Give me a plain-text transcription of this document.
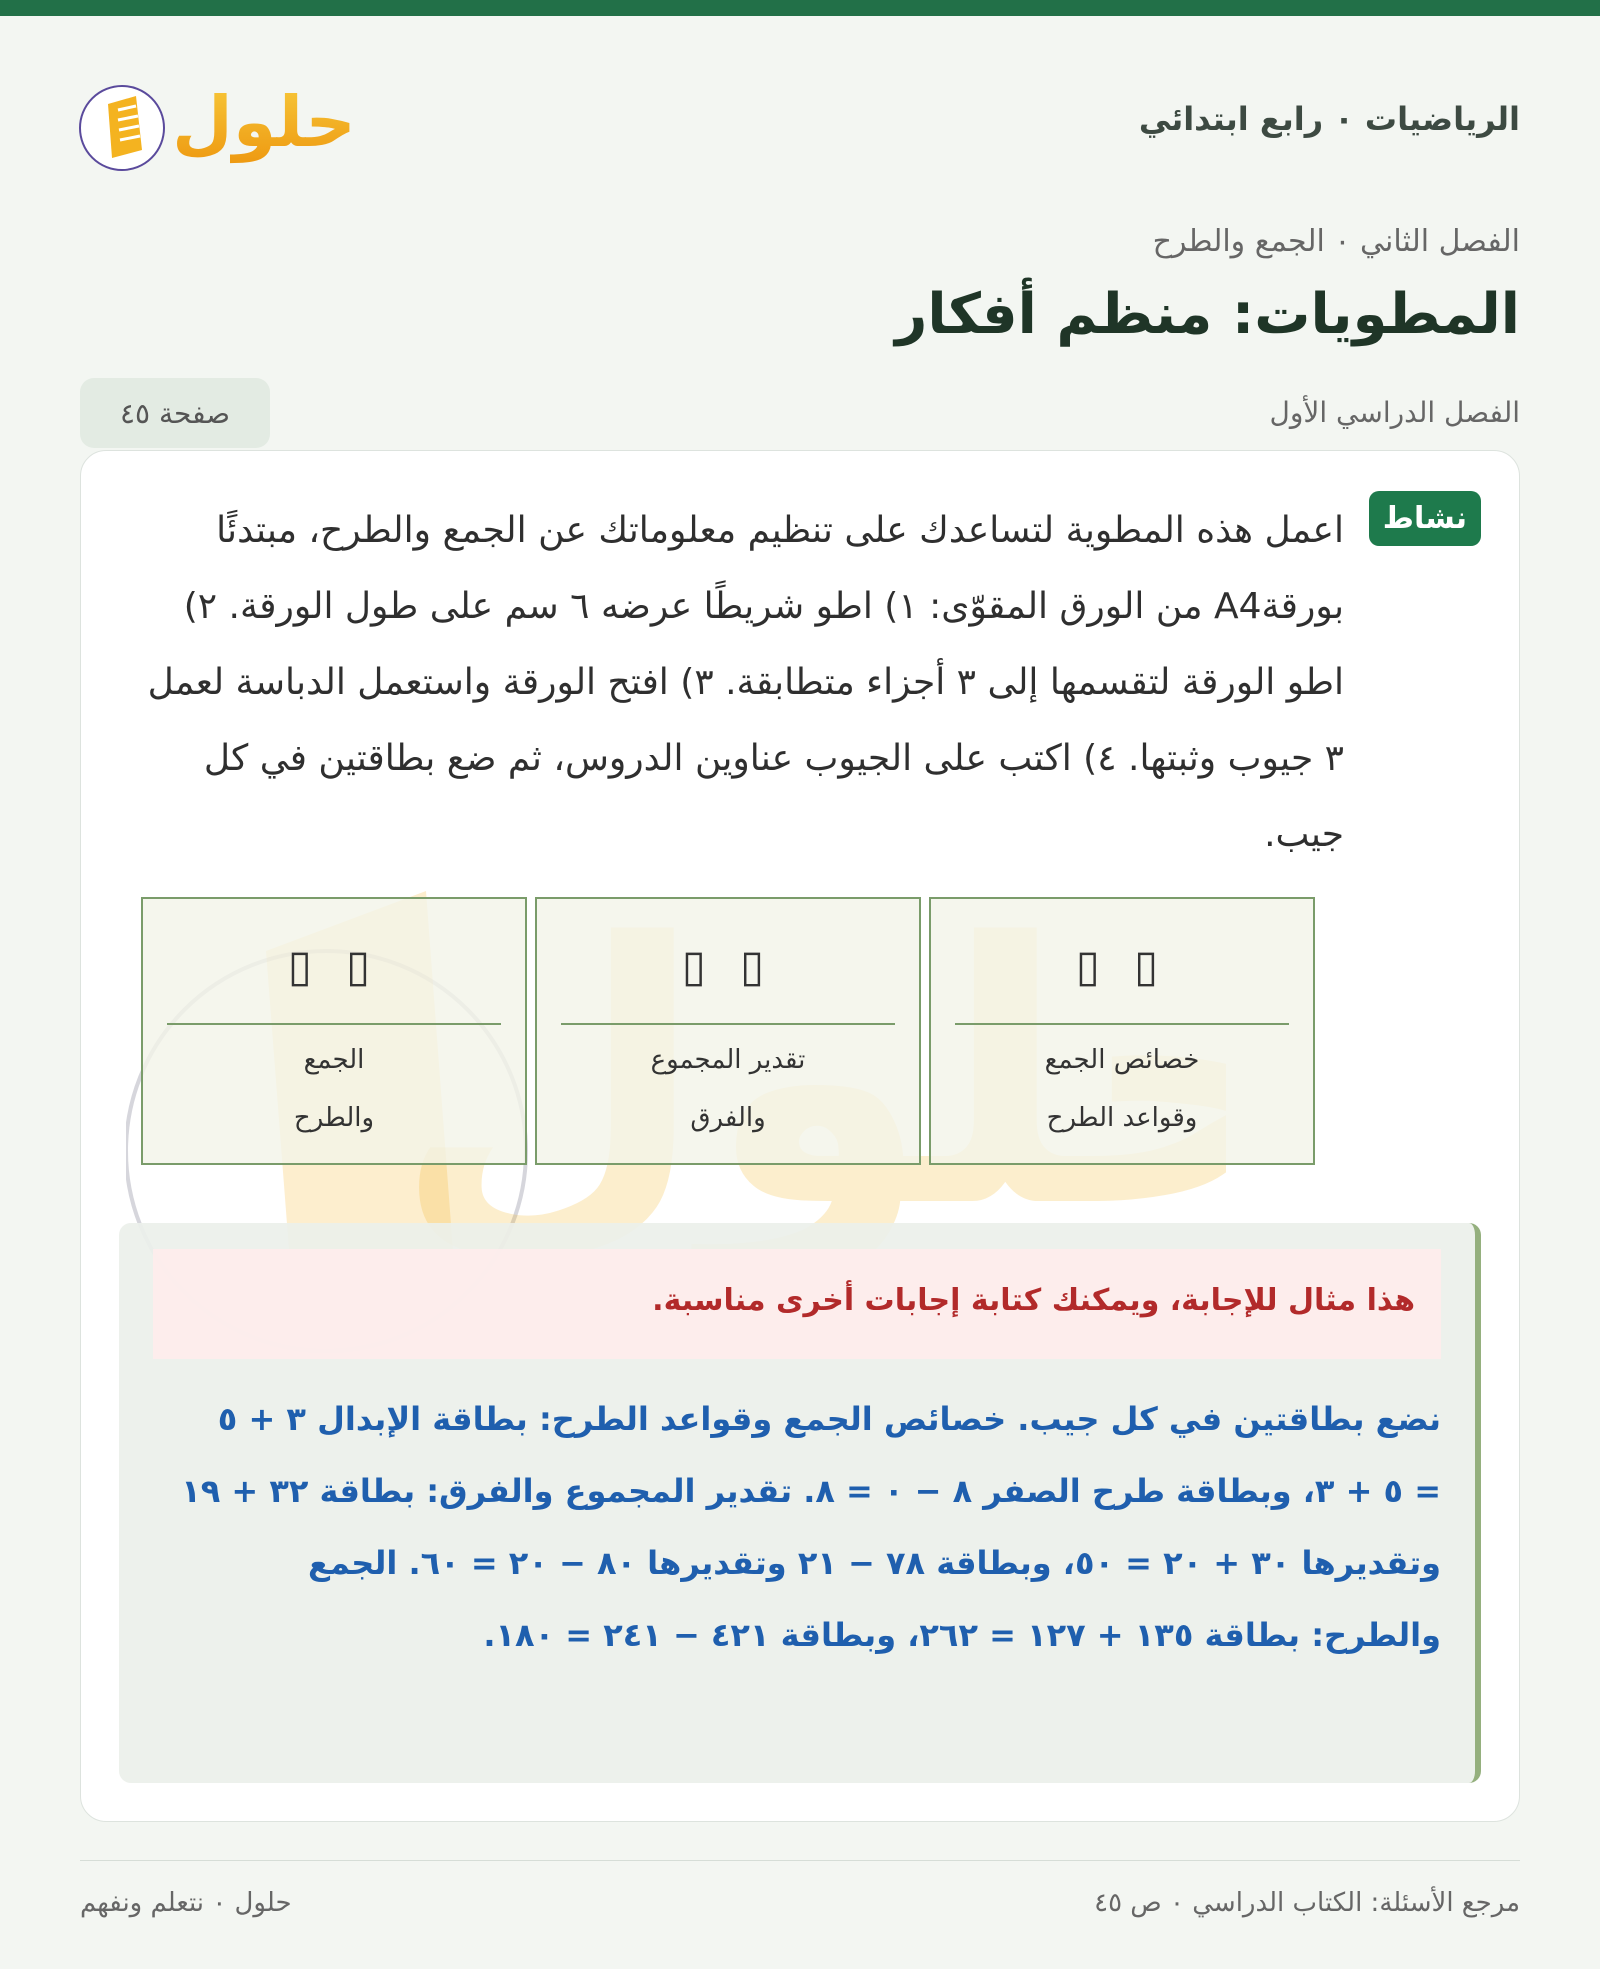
الرياضيات ٠ رابع ابتدائي
حلول
الفصل الثاني ٠ الجمع والطرح
المطويات: منظم أفكار
الفصل الدراسي الأول
صفحة ٤٥
نشاط
اعمل هذه المطوية لتساعدك على تنظيم معلوماتك عن الجمع والطرح، مبتدئًا بورقةA4 من الورق المقوّى: ١) اطو شريطًا عرضه ٦ سم على طول الورقة. ٢) اطو الورقة لتقسمها إلى ٣ أجزاء متطابقة. ٣) افتح الورقة واستعمل الدباسة لعمل ٣ جيوب وثبتها. ٤) اكتب على الجيوب عناوين الدروس، ثم ضع بطاقتين في كل جيب.
▯ ▯
خصائص الجمع
وقواعد الطرح
▯ ▯
تقدير المجموع
والفرق
▯ ▯
الجمع
والطرح
هذا مثال للإجابة، ويمكنك كتابة إجابات أخرى مناسبة.
نضع بطاقتين في كل جيب. خصائص الجمع وقواعد الطرح: بطاقة الإبدال ٣ + ٥ = ٥ + ٣، وبطاقة طرح الصفر ٨ − ٠ = ٨. تقدير المجموع والفرق: بطاقة ٣٢ + ١٩ وتقديرها ٣٠ + ٢٠ = ٥٠، وبطاقة ٧٨ − ٢١ وتقديرها ٨٠ − ٢٠ = ٦٠. الجمع والطرح: بطاقة ١٣٥ + ١٢٧ = ٢٦٢، وبطاقة ٤٢١ − ٢٤١ = ١٨٠.
مرجع الأسئلة: الكتاب الدراسي ٠ ص ٤٥
حلول ٠ نتعلم ونفهم
